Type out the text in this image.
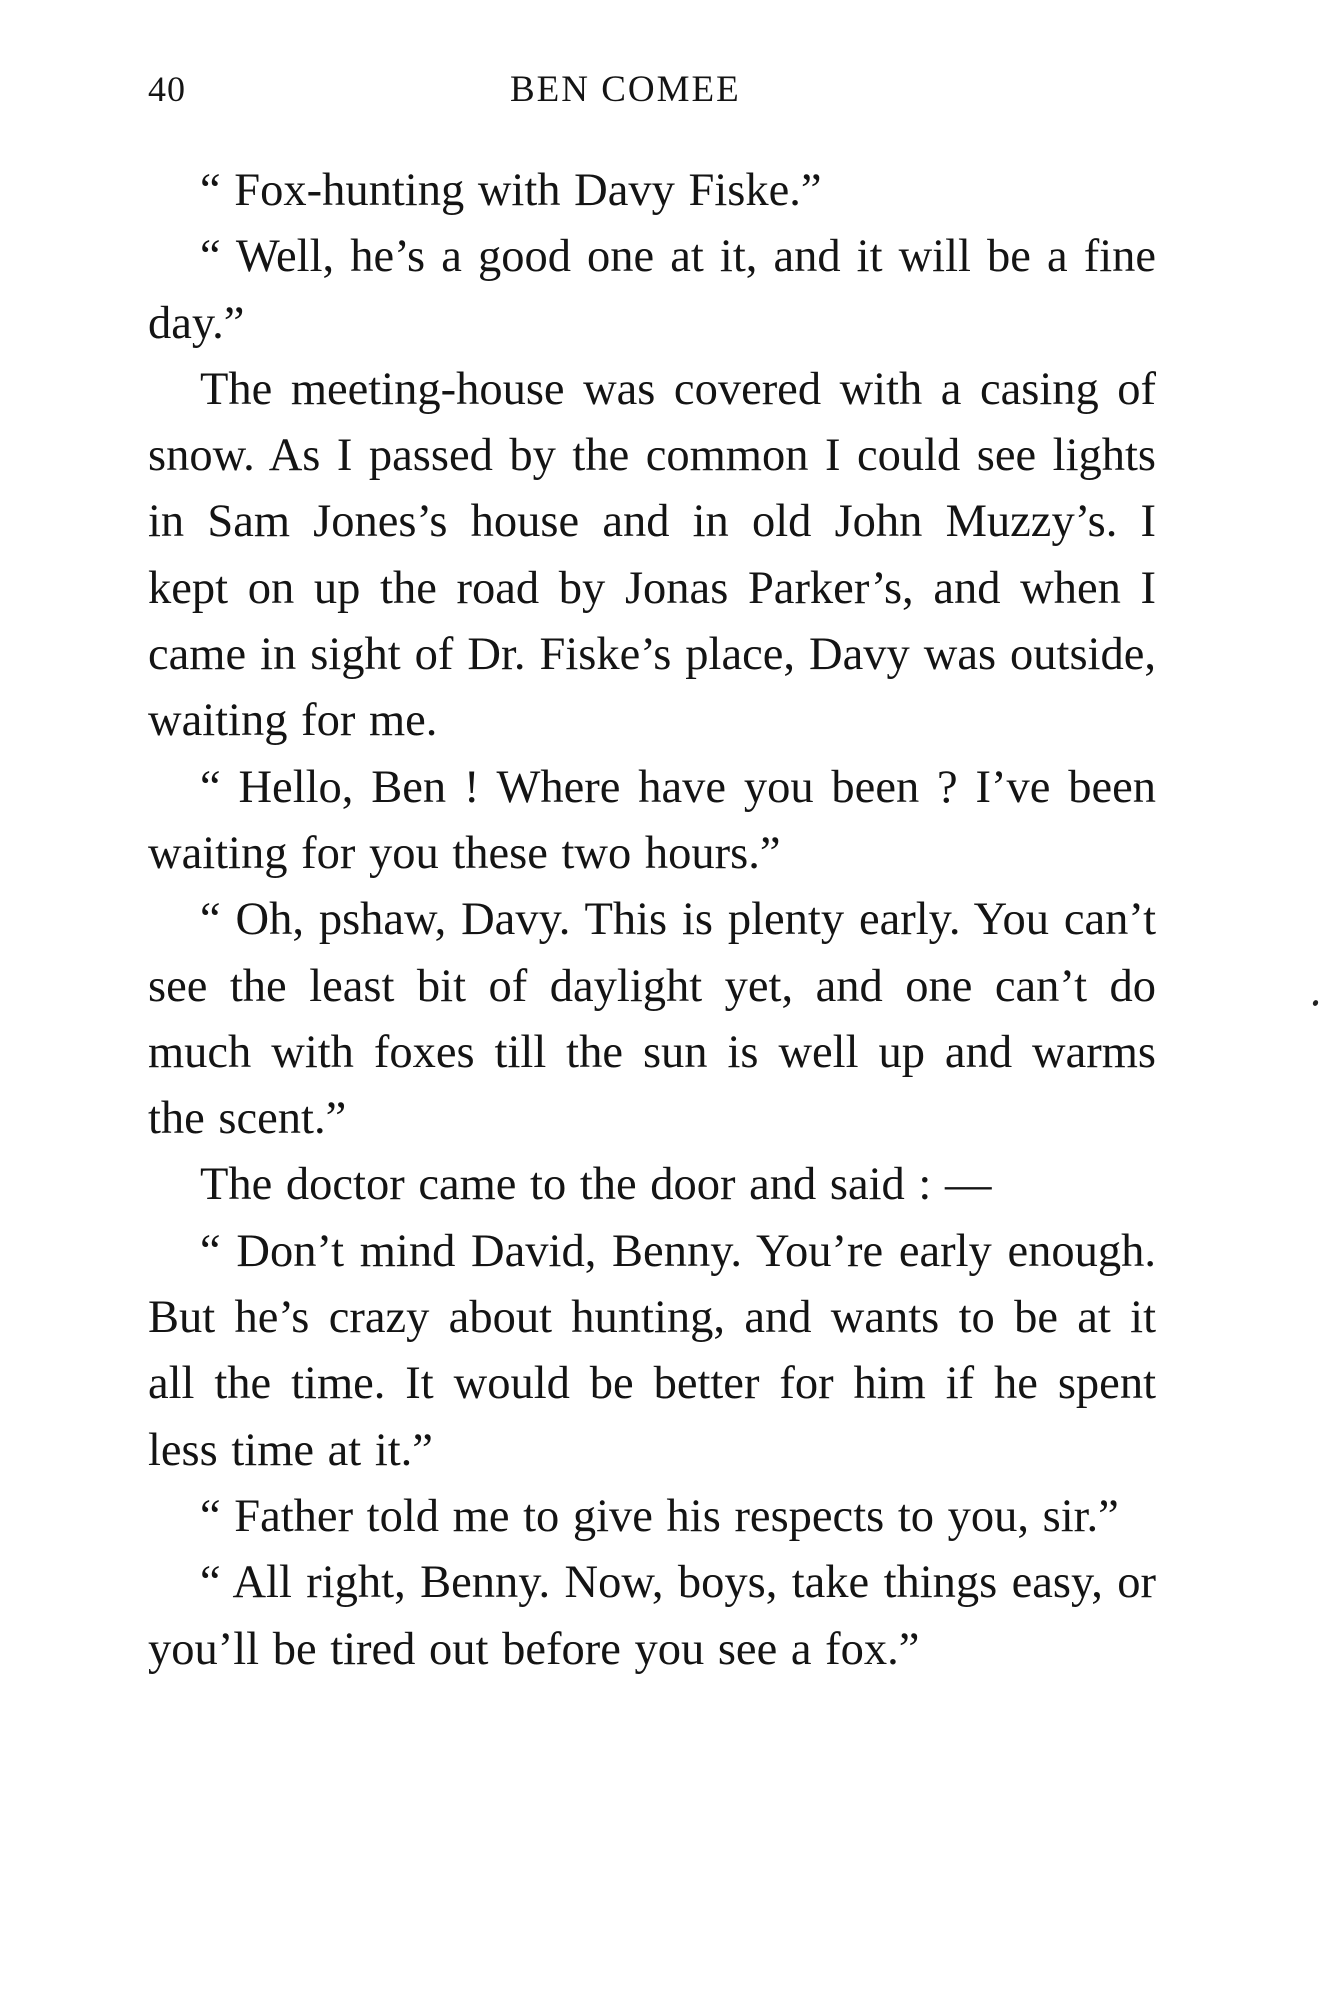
40	BEN COMEE

“ Fox-hunting with Davy Fiske.”

“ Well, he’s a good one at it, and it will be a fine day.”

The meeting-house was covered with a casing of snow. As I passed by the common I could see lights in Sam Jones’s house and in old John Muzzy’s. I kept on up the road by Jonas Parker’s, and when I came in sight of Dr. Fiske’s place, Davy was outside, waiting for me.

“ Hello, Ben ! Where have you been ? I’ve been waiting for you these two hours.”

“ Oh, pshaw, Davy. This is plenty early. You can’t see the least bit of daylight yet, and one can’t do much with foxes till the sun is well up and warms the scent.”

The doctor came to the door and said : —

“ Don’t mind David, Benny. You’re early enough. But he’s crazy about hunting, and wants to be at it all the time. It would be better for him if he spent less time at it.”

“ Father told me to give his respects to you, sir.”

“ All right, Benny. Now, boys, take things easy, or you’ll be tired out before you see a fox.”
